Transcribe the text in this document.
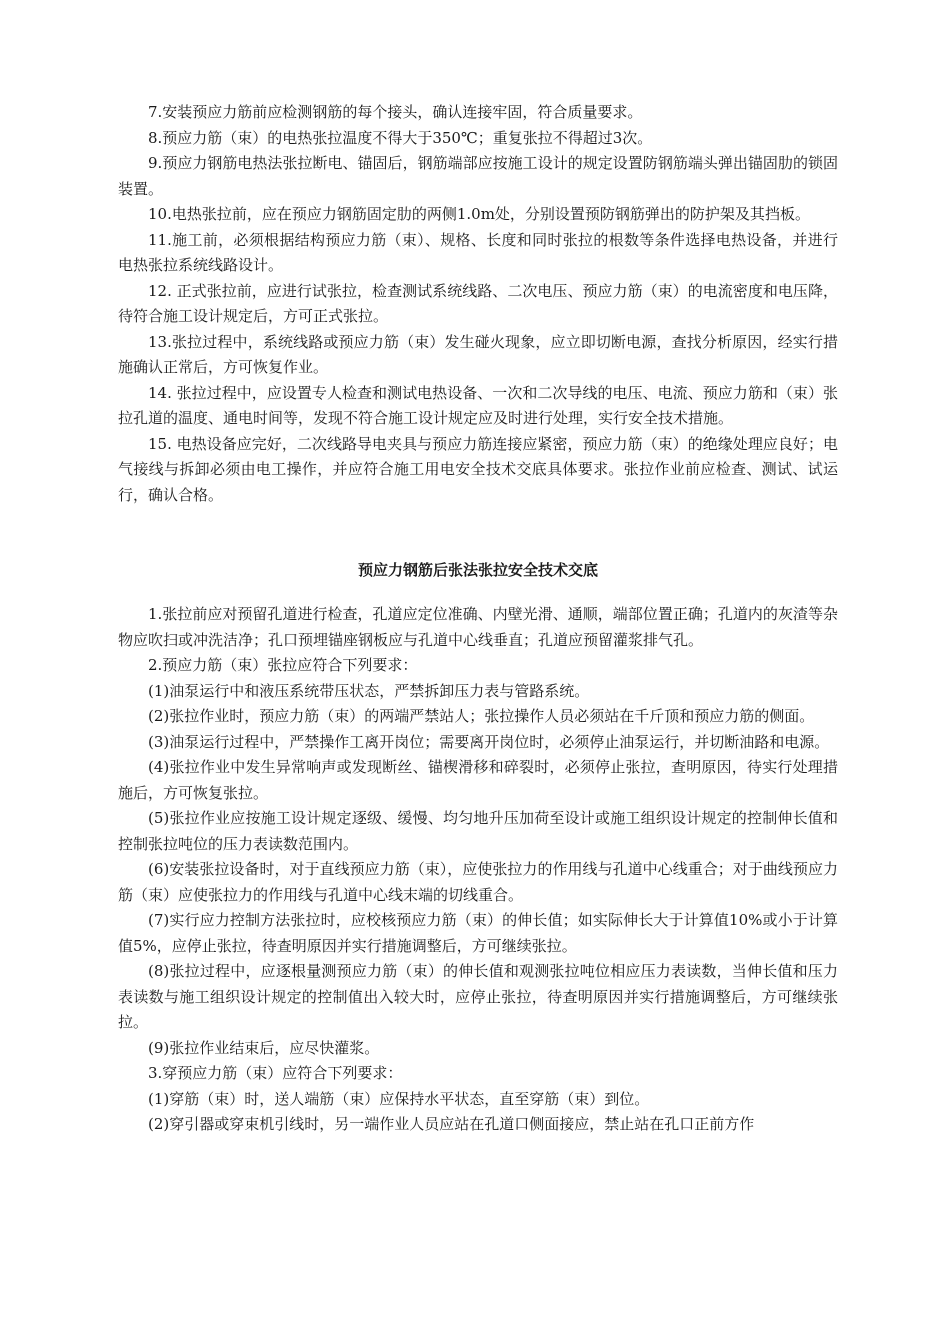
7.安装预应力筋前应检测钢筋的每个接头，确认连接牢固，符合质量要求。

8.预应力筋（束）的电热张拉温度不得大于350℃；重复张拉不得超过3次。

9.预应力钢筋电热法张拉断电、锚固后，钢筋端部应按施工设计的规定设置防钢筋端头弹出锚固肋的锁固装置。

10.电热张拉前，应在预应力钢筋固定肋的两侧1.0m处，分别设置预防钢筋弹出的防护架及其挡板。

11.施工前，必须根据结构预应力筋（束）、规格、长度和同时张拉的根数等条件选择电热设备，并进行电热张拉系统线路设计。

12. 正式张拉前，应进行试张拉，检查测试系统线路、二次电压、预应力筋（束）的电流密度和电压降，待符合施工设计规定后，方可正式张拉。

13.张拉过程中，系统线路或预应力筋（束）发生碰火现象，应立即切断电源，查找分析原因，经实行措施确认正常后，方可恢复作业。

14. 张拉过程中，应设置专人检查和测试电热设备、一次和二次导线的电压、电流、预应力筋和（束）张拉孔道的温度、通电时间等，发现不符合施工设计规定应及时进行处理，实行安全技术措施。

15. 电热设备应完好，二次线路导电夹具与预应力筋连接应紧密，预应力筋（束）的绝缘处理应良好；电气接线与拆卸必须由电工操作，并应符合施工用电安全技术交底具体要求。张拉作业前应检查、测试、试运行，确认合格。

预应力钢筋后张法张拉安全技术交底

1.张拉前应对预留孔道进行检查，孔道应定位准确、内壁光滑、通顺，端部位置正确；孔道内的灰渣等杂物应吹扫或冲洗洁净；孔口预埋锚座钢板应与孔道中心线垂直；孔道应预留灌浆排气孔。

2.预应力筋（束）张拉应符合下列要求：

(1)油泵运行中和液压系统带压状态，严禁拆卸压力表与管路系统。

(2)张拉作业时，预应力筋（束）的两端严禁站人；张拉操作人员必须站在千斤顶和预应力筋的侧面。

(3)油泵运行过程中，严禁操作工离开岗位；需要离开岗位时，必须停止油泵运行，并切断油路和电源。

(4)张拉作业中发生异常响声或发现断丝、锚楔滑移和碎裂时，必须停止张拉，查明原因，待实行处理措施后，方可恢复张拉。

(5)张拉作业应按施工设计规定逐级、缓慢、均匀地升压加荷至设计或施工组织设计规定的控制伸长值和控制张拉吨位的压力表读数范围内。

(6)安装张拉设备时，对于直线预应力筋（束），应使张拉力的作用线与孔道中心线重合；对于曲线预应力筋（束）应使张拉力的作用线与孔道中心线末端的切线重合。

(7)实行应力控制方法张拉时，应校核预应力筋（束）的伸长值；如实际伸长大于计算值10%或小于计算值5%，应停止张拉，待查明原因并实行措施调整后，方可继续张拉。

(8)张拉过程中，应逐根量测预应力筋（束）的伸长值和观测张拉吨位相应压力表读数，当伸长值和压力表读数与施工组织设计规定的控制值出入较大时，应停止张拉，待查明原因并实行措施调整后，方可继续张拉。

(9)张拉作业结束后，应尽快灌浆。

3.穿预应力筋（束）应符合下列要求：

(1)穿筋（束）时，送人端筋（束）应保持水平状态，直至穿筋（束）到位。

(2)穿引器或穿束机引线时，另一端作业人员应站在孔道口侧面接应，禁止站在孔口正前方作
